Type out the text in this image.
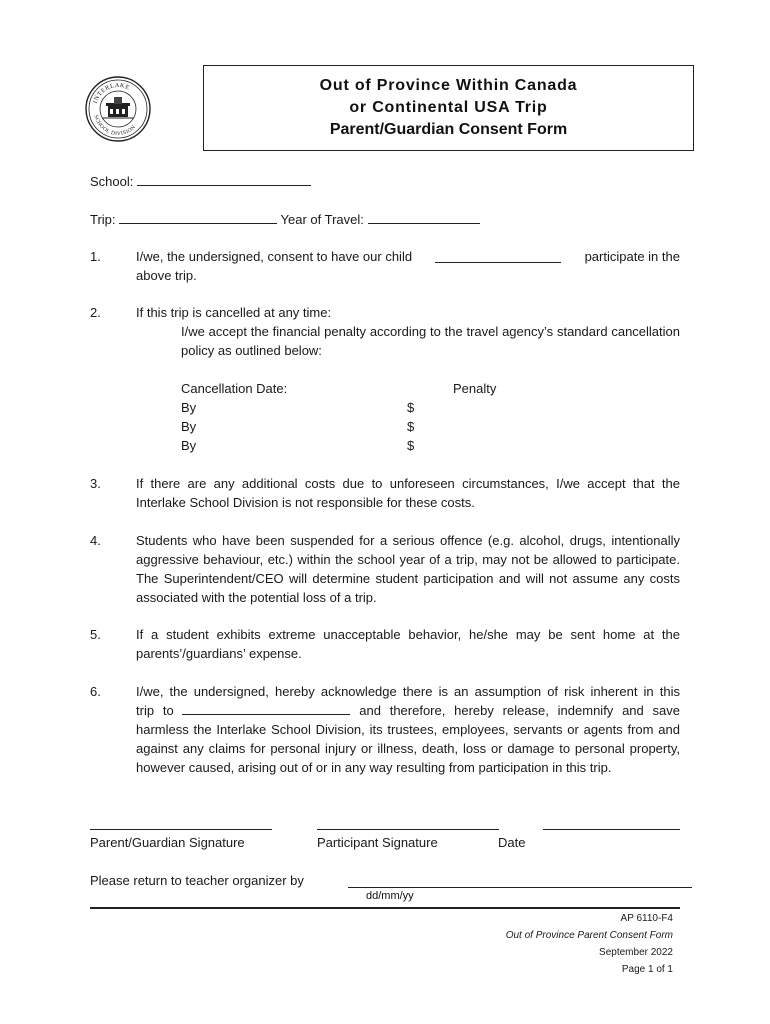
INTERLAKE
SCHOOL DIVISION
Out of Province Within Canada
or Continental USA Trip
Parent/Guardian Consent Form
School:
Trip:	Year of Travel:
1.	I/we, the undersigned, consent to have our child	participate in the
above trip.
2.	If this trip is cancelled at any time:
I/we accept the financial penalty according to the travel agency’s standard cancellation policy as outlined below:
Cancellation Date:	Penalty
By	$
By	$
By	$
3.	If there are any additional costs due to unforeseen circumstances, I/we accept that the Interlake School Division is not responsible for these costs.
4.	Students who have been suspended for a serious offence (e.g. alcohol, drugs, intentionally aggressive behaviour, etc.) within the school year of a trip, may not be allowed to participate. The Superintendent/CEO will determine student participation and will not assume any costs associated with the potential loss of a trip.
5.	If a student exhibits extreme unacceptable behavior, he/she may be sent home at the parents’/guardians’ expense.
6.	I/we, the undersigned, hereby acknowledge there is an assumption of risk inherent in this
trip to	and therefore, hereby release, indemnify and save harmless the Interlake School Division, its trustees, employees, servants or agents from and against any claims for personal injury or illness, death, loss or damage to personal property, however caused, arising out of or in any way resulting from participation in this trip.
Parent/Guardian Signature	Participant Signature	Date
Please return to teacher organizer by
dd/mm/yy
AP 6110-F4
Out of Province Parent Consent Form
September 2022
Page 1 of 1
